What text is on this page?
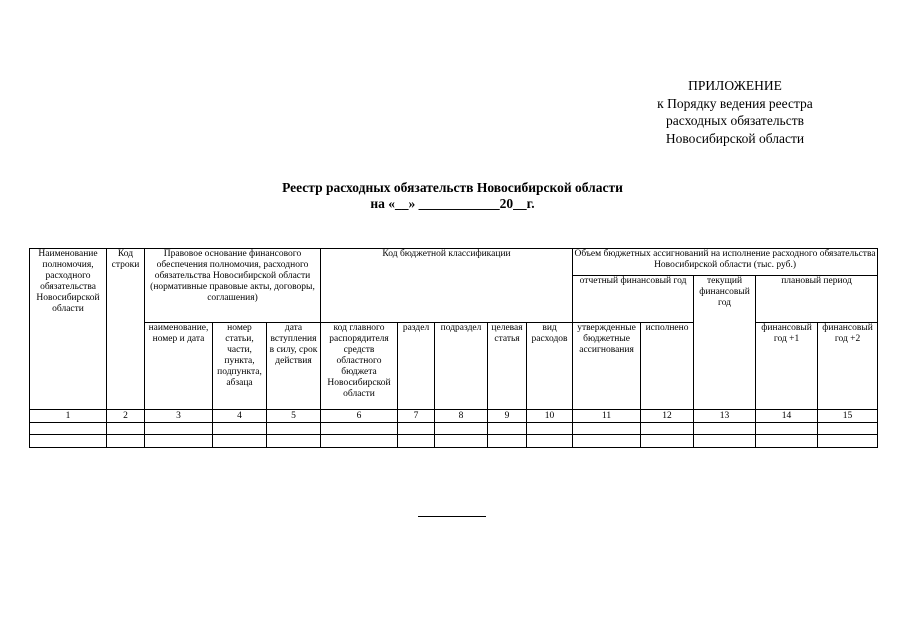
ПРИЛОЖЕНИЕ
к Порядку ведения реестра
расходных обязательств
Новосибирской области
Реестр расходных обязательств Новосибирской области
на «__» ____________20__г.
Наименование полномочия, расходного обязательства Новосибирской области	Код строки	Правовое основание финансового обеспечения полномочия, расходного обязательства Новосибирской области (нормативные правовые акты, договоры, соглашения)			Код бюджетной классификации					Объем бюджетных ассигнований на исполнение расходного обязательства Новосибирской области (тыс. руб.)				
										отчетный финансовый год		текущий финансовый год	плановый период	
		наименование, номер и дата	номер статьи, части, пункта, подпункта, абзаца	дата вступления в силу, срок действия	код главного распорядителя средств областного бюджета Новосибирской области	раздел	подраздел	целевая статья	вид расходов	утвержденные бюджетные ассигнования	исполнено		финансовый год +1	финансовый год +2
1	2	3	4	5	6	7	8	9	10	11	12	13	14	15
